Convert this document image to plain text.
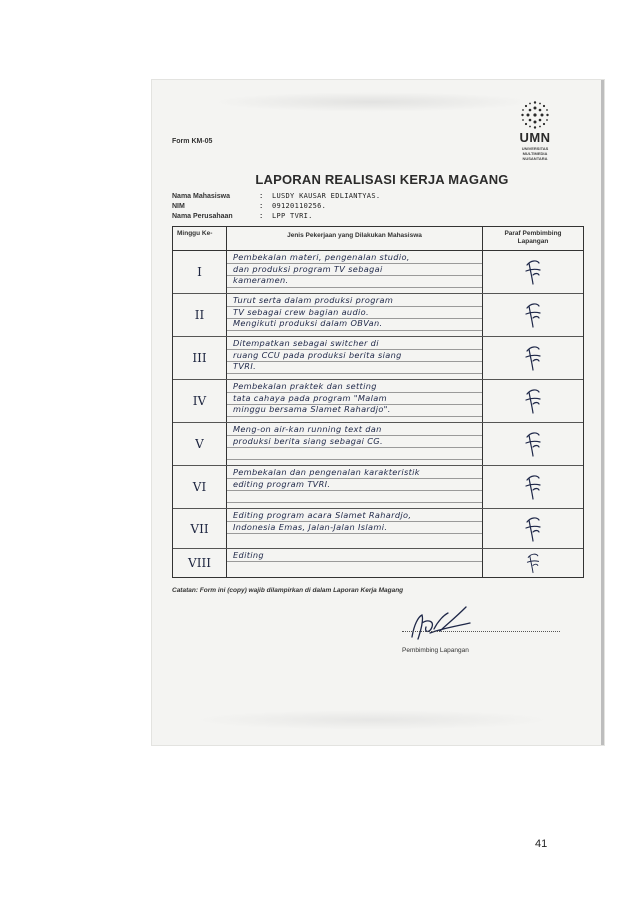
Form KM-05	UMN
UNIVERSITAS
MULTIMEDIA
NUSANTARA
LAPORAN REALISASI KERJA MAGANG
Nama Mahasiswa	:	LUSDY KAUSAR EDLIANTYAS.
NIM	:	09120110256.
Nama Perusahaan	:	LPP TVRI.
Minggu Ke-	Jenis Pekerjaan yang Dilakukan Mahasiswa	Paraf Pembimbing
Lapangan
I
Pembekalan materi, pengenalan studio,
dan produksi program TV sebagai
kameramen.
II
Turut serta dalam produksi program
TV sebagai crew bagian audio.
Mengikuti produksi dalam OBVan.
III
Ditempatkan sebagai switcher di
ruang CCU pada produksi berita siang
TVRI.
IV
Pembekalan praktek dan setting
tata cahaya pada program "Malam
minggu bersama Slamet Rahardjo".
V
Meng-on air-kan running text dan
produksi berita siang sebagai CG.
VI
Pembekalan dan pengenalan karakteristik
editing program TVRI.
VII
Editing program acara Slamet Rahardjo,
Indonesia Emas, Jalan-Jalan Islami.
VIII
Editing
Catatan: Form ini (copy) wajib dilampirkan di dalam Laporan Kerja Magang
Pembimbing Lapangan
41
